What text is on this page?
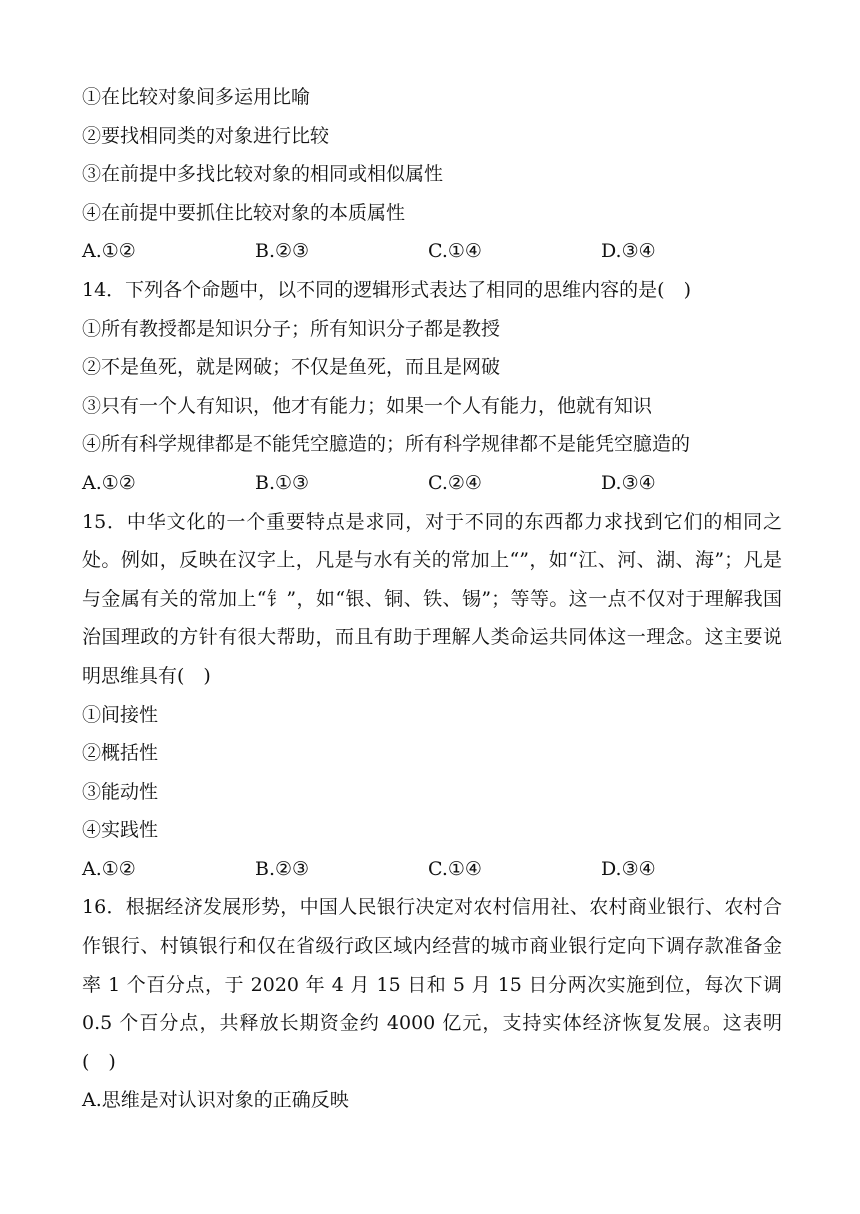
①在比较对象间多运用比喻
②要找相同类的对象进行比较
③在前提中多找比较对象的相同或相似属性
④在前提中要抓住比较对象的本质属性
A.①②	B.②③	C.①④	D.③④
14．下列各个命题中，以不同的逻辑形式表达了相同的思维内容的是(　)
①所有教授都是知识分子；所有知识分子都是教授
②不是鱼死，就是网破；不仅是鱼死，而且是网破
③只有一个人有知识，他才有能力；如果一个人有能力，他就有知识
④所有科学规律都是不能凭空臆造的；所有科学规律都不是能凭空臆造的
A.①②	B.①③	C.②④	D.③④
15．中华文化的一个重要特点是求同，对于不同的东西都力求找到它们的相同之处。例如，反映在汉字上，凡是与水有关的常加上“”，如“江、河、湖、海”；凡是与金属有关的常加上“钅”，如“银、铜、铁、锡”；等等。这一点不仅对于理解我国治国理政的方针有很大帮助，而且有助于理解人类命运共同体这一理念。这主要说明思维具有(　)
①间接性
②概括性
③能动性
④实践性
A.①②	B.②③	C.①④	D.③④
16．根据经济发展形势，中国人民银行决定对农村信用社、农村商业银行、农村合作银行、村镇银行和仅在省级行政区域内经营的城市商业银行定向下调存款准备金率 1 个百分点，于 2020 年 4 月 15 日和 5 月 15 日分两次实施到位，每次下调 0.5 个百分点，共释放长期资金约 4000 亿元，支持实体经济恢复发展。这表明(　)
A.思维是对认识对象的正确反映
